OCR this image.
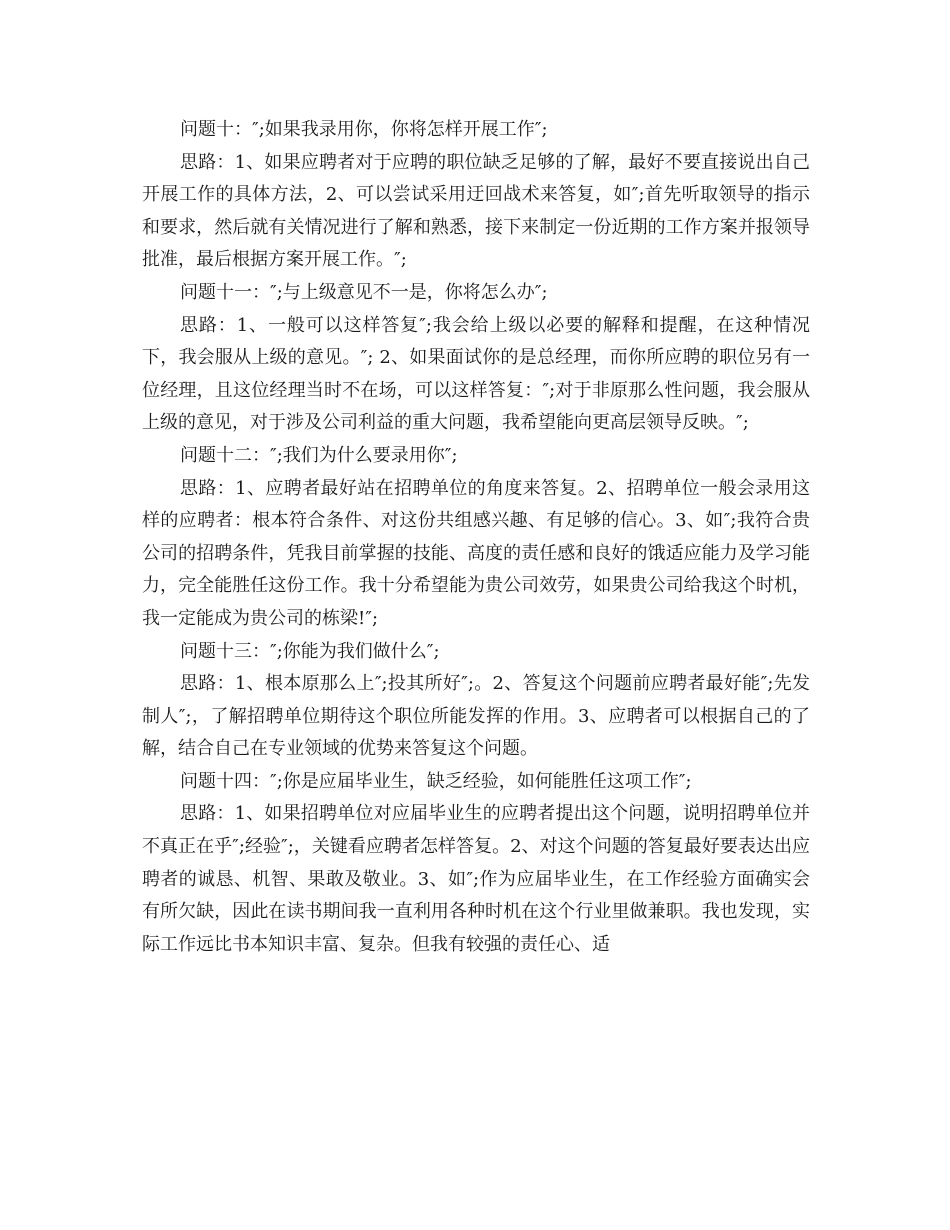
问题十：″;如果我录用你，你将怎样开展工作″;

思路：1、如果应聘者对于应聘的职位缺乏足够的了解，最好不要直接说出自己开展工作的具体方法，2、可以尝试采用迂回战术来答复，如″;首先听取领导的指示和要求，然后就有关情况进行了解和熟悉，接下来制定一份近期的工作方案并报领导批准，最后根据方案开展工作。″;

问题十一：″;与上级意见不一是，你将怎么办″;

思路：1、一般可以这样答复″;我会给上级以必要的解释和提醒，在这种情况下，我会服从上级的意见。″; 2、如果面试你的是总经理，而你所应聘的职位另有一位经理，且这位经理当时不在场，可以这样答复：″;对于非原那么性问题，我会服从上级的意见，对于涉及公司利益的重大问题，我希望能向更高层领导反映。″;

问题十二：″;我们为什么要录用你″;

思路：1、应聘者最好站在招聘单位的角度来答复。2、招聘单位一般会录用这样的应聘者：根本符合条件、对这份共组感兴趣、有足够的信心。3、如″;我符合贵公司的招聘条件，凭我目前掌握的技能、高度的责任感和良好的饿适应能力及学习能力，完全能胜任这份工作。我十分希望能为贵公司效劳，如果贵公司给我这个时机，我一定能成为贵公司的栋梁!″;

问题十三：″;你能为我们做什么″;

思路：1、根本原那么上″;投其所好″;。2、答复这个问题前应聘者最好能″;先发制人″;，了解招聘单位期待这个职位所能发挥的作用。3、应聘者可以根据自己的了解，结合自己在专业领域的优势来答复这个问题。

问题十四：″;你是应届毕业生，缺乏经验，如何能胜任这项工作″;

思路：1、如果招聘单位对应届毕业生的应聘者提出这个问题，说明招聘单位并不真正在乎″;经验″;，关键看应聘者怎样答复。2、对这个问题的答复最好要表达出应聘者的诚恳、机智、果敢及敬业。3、如″;作为应届毕业生，在工作经验方面确实会有所欠缺，因此在读书期间我一直利用各种时机在这个行业里做兼职。我也发现，实际工作远比书本知识丰富、复杂。但我有较强的责任心、适
